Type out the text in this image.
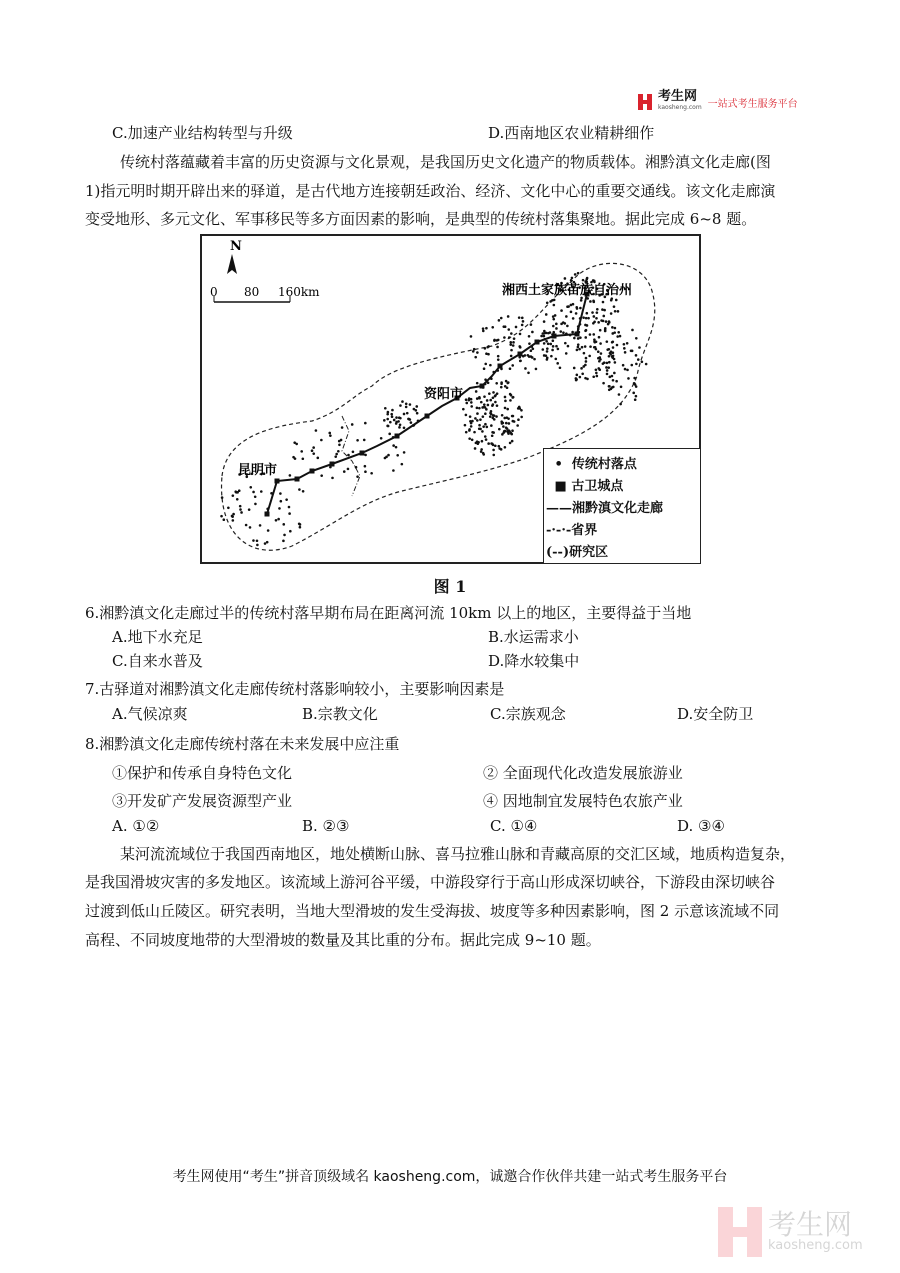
考生网
kaosheng.com 一站式考生服务平台
C.加速产业结构转型与升级	D.西南地区农业精耕细作
传统村落蕴藏着丰富的历史资源与文化景观，是我国历史文化遗产的物质载体。湘黔滇文化走廊(图
1)指元明时期开辟出来的驿道，是古代地方连接朝廷政治、经济、文化中心的重要交通线。该文化走廊演
变受地形、多元文化、军事移民等多方面因素的影响，是典型的传统村落集聚地。据此完成 6~8 题。
N
0 80 160km
昆明市
资阳市
湘西土家族苗族自治州
•  传统村落点
■ 古卫城点
——湘黔滇文化走廊
-·-·-省界
(‐‐)研究区
图 1
6.湘黔滇文化走廊过半的传统村落早期布局在距离河流 10km 以上的地区，主要得益于当地
A.地下水充足	B.水运需求小
C.自来水普及	D.降水较集中
7.古驿道对湘黔滇文化走廊传统村落影响较小，主要影响因素是
A.气候凉爽	B.宗教文化	C.宗族观念	D.安全防卫
8.湘黔滇文化走廊传统村落在未来发展中应注重
①保护和传承自身特色文化	② 全面现代化改造发展旅游业
③开发矿产发展资源型产业	④ 因地制宜发展特色农旅产业
A. ①②	B. ②③	C. ①④	D. ③④
某河流流域位于我国西南地区，地处横断山脉、喜马拉雅山脉和青藏高原的交汇区域，地质构造复杂，
是我国滑坡灾害的多发地区。该流域上游河谷平缓，中游段穿行于高山形成深切峡谷，下游段由深切峡谷
过渡到低山丘陵区。研究表明，当地大型滑坡的发生受海拔、坡度等多种因素影响，图 2 示意该流域不同
高程、不同坡度地带的大型滑坡的数量及其比重的分布。据此完成 9~10 题。
考生网使用“考生”拼音顶级域名 kaosheng.com，诚邀合作伙伴共建一站式考生服务平台
考生网
kaosheng.com
